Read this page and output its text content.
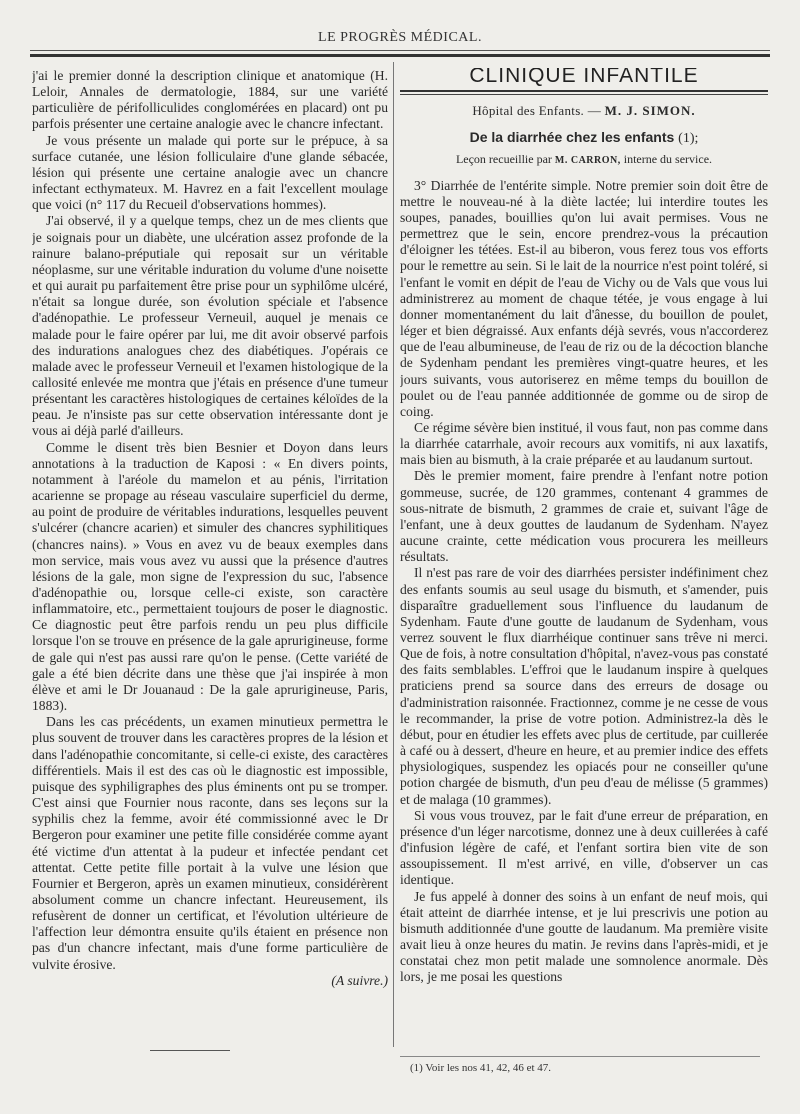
LE PROGRÈS MÉDICAL.

j'ai le premier donné la description clinique et anatomique (H. Leloir, Annales de dermatologie, 1884, sur une variété particulière de périfolliculides conglomérées en placard) ont pu parfois présenter une certaine analogie avec le chancre infectant.

Je vous présente un malade qui porte sur le prépuce, à sa surface cutanée, une lésion folliculaire d'une glande sébacée, lésion qui présente une certaine analogie avec un chancre infectant ecthymateux. M. Havrez en a fait l'excellent moulage que voici (n° 117 du Recueil d'observations hommes).

J'ai observé, il y a quelque temps, chez un de mes clients que je soignais pour un diabète, une ulcération assez profonde de la rainure balano-préputiale qui reposait sur un véritable néoplasme, sur une véritable induration du volume d'une noisette et qui aurait pu parfaitement être prise pour un syphilôme ulcéré, n'était sa longue durée, son évolution spéciale et l'absence d'adénopathie. Le professeur Verneuil, auquel je menais ce malade pour le faire opérer par lui, me dit avoir observé parfois des indurations analogues chez des diabétiques. J'opérais ce malade avec le professeur Verneuil et l'examen histologique de la callosité enlevée me montra que j'étais en présence d'une tumeur présentant les caractères histologiques de certaines kéloïdes de la peau. Je n'insiste pas sur cette observation intéressante dont je vous ai déjà parlé d'ailleurs.

Comme le disent très bien Besnier et Doyon dans leurs annotations à la traduction de Kaposi : « En divers points, notamment à l'aréole du mamelon et au pénis, l'irritation acarienne se propage au réseau vasculaire superficiel du derme, au point de produire de véritables indurations, lesquelles peuvent s'ulcérer (chancre acarien) et simuler des chancres syphilitiques (chancres nains). » Vous en avez vu de beaux exemples dans mon service, mais vous avez vu aussi que la présence d'autres lésions de la gale, mon signe de l'expression du suc, l'absence d'adénopathie ou, lorsque celle-ci existe, son caractère inflammatoire, etc., permettaient toujours de poser le diagnostic. Ce diagnostic peut être parfois rendu un peu plus difficile lorsque l'on se trouve en présence de la gale aprurigineuse, forme de gale qui n'est pas aussi rare qu'on le pense. (Cette variété de gale a été bien décrite dans une thèse que j'ai inspirée à mon élève et ami le Dr Jouanaud : De la gale aprurigineuse, Paris, 1883).

Dans les cas précédents, un examen minutieux permettra le plus souvent de trouver dans les caractères propres de la lésion et dans l'adénopathie concomitante, si celle-ci existe, des caractères différentiels. Mais il est des cas où le diagnostic est impossible, puisque des syphiligraphes des plus éminents ont pu se tromper. C'est ainsi que Fournier nous raconte, dans ses leçons sur la syphilis chez la femme, avoir été commissionné avec le Dr Bergeron pour examiner une petite fille considérée comme ayant été victime d'un attentat à la pudeur et infectée pendant cet attentat. Cette petite fille portait à la vulve une lésion que Fournier et Bergeron, après un examen minutieux, considérèrent absolument comme un chancre infectant. Heureusement, ils refusèrent de donner un certificat, et l'évolution ultérieure de l'affection leur démontra ensuite qu'ils étaient en présence non pas d'un chancre infectant, mais d'une forme particulière de vulvite érosive.

(A suivre.)

CLINIQUE INFANTILE
Hôpital des Enfants. — M. J. SIMON.
De la diarrhée chez les enfants (1);
Leçon recueillie par M. CARRON, interne du service.

3° Diarrhée de l'entérite simple. Notre premier soin doit être de mettre le nouveau-né à la diète lactée; lui interdire toutes les soupes, panades, bouillies qu'on lui avait permises. Vous ne permettrez que le sein, encore prendrez-vous la précaution d'éloigner les tétées. Est-il au biberon, vous ferez tous vos efforts pour le remettre au sein. Si le lait de la nourrice n'est point toléré, si l'enfant le vomit en dépit de l'eau de Vichy ou de Vals que vous lui administrerez au moment de chaque tétée, je vous engage à lui donner momentanément du lait d'ânesse, du bouillon de poulet, léger et bien dégraissé. Aux enfants déjà sevrés, vous n'accorderez que de l'eau albumineuse, de l'eau de riz ou de la décoction blanche de Sydenham pendant les premières vingt-quatre heures, et les jours suivants, vous autoriserez en même temps du bouillon de poulet ou de l'eau pannée additionnée de gomme ou de sirop de coing.

Ce régime sévère bien institué, il vous faut, non pas comme dans la diarrhée catarrhale, avoir recours aux vomitifs, ni aux laxatifs, mais bien au bismuth, à la craie préparée et au laudanum surtout.

Dès le premier moment, faire prendre à l'enfant notre potion gommeuse, sucrée, de 120 grammes, contenant 4 grammes de sous-nitrate de bismuth, 2 grammes de craie et, suivant l'âge de l'enfant, une à deux gouttes de laudanum de Sydenham. N'ayez aucune crainte, cette médication vous procurera les meilleurs résultats.

Il n'est pas rare de voir des diarrhées persister indéfiniment chez des enfants soumis au seul usage du bismuth, et s'amender, puis disparaître graduellement sous l'influence du laudanum de Sydenham. Faute d'une goutte de laudanum de Sydenham, vous verrez souvent le flux diarrhéique continuer sans trêve ni merci. Que de fois, à notre consultation d'hôpital, n'avez-vous pas constaté des faits semblables. L'effroi que le laudanum inspire à quelques praticiens prend sa source dans des erreurs de dosage ou d'administration raisonnée. Fractionnez, comme je ne cesse de vous le recommander, la prise de votre potion. Administrez-la dès le début, pour en étudier les effets avec plus de certitude, par cuillerée à café ou à dessert, d'heure en heure, et au premier indice des effets physiologiques, suspendez les opiacés pour ne conseiller qu'une potion chargée de bismuth, d'un peu d'eau de mélisse (5 grammes) et de malaga (10 grammes).

Si vous vous trouvez, par le fait d'une erreur de préparation, en présence d'un léger narcotisme, donnez une à deux cuillerées à café d'infusion légère de café, et l'enfant sortira bien vite de son assoupissement. Il m'est arrivé, en ville, d'observer un cas identique.

Je fus appelé à donner des soins à un enfant de neuf mois, qui était atteint de diarrhée intense, et je lui prescrivis une potion au bismuth additionnée d'une goutte de laudanum. Ma première visite avait lieu à onze heures du matin. Je revins dans l'après-midi, et je constatai chez mon petit malade une somnolence anormale. Dès lors, je me posai les questions

(1) Voir les nos 41, 42, 46 et 47.
